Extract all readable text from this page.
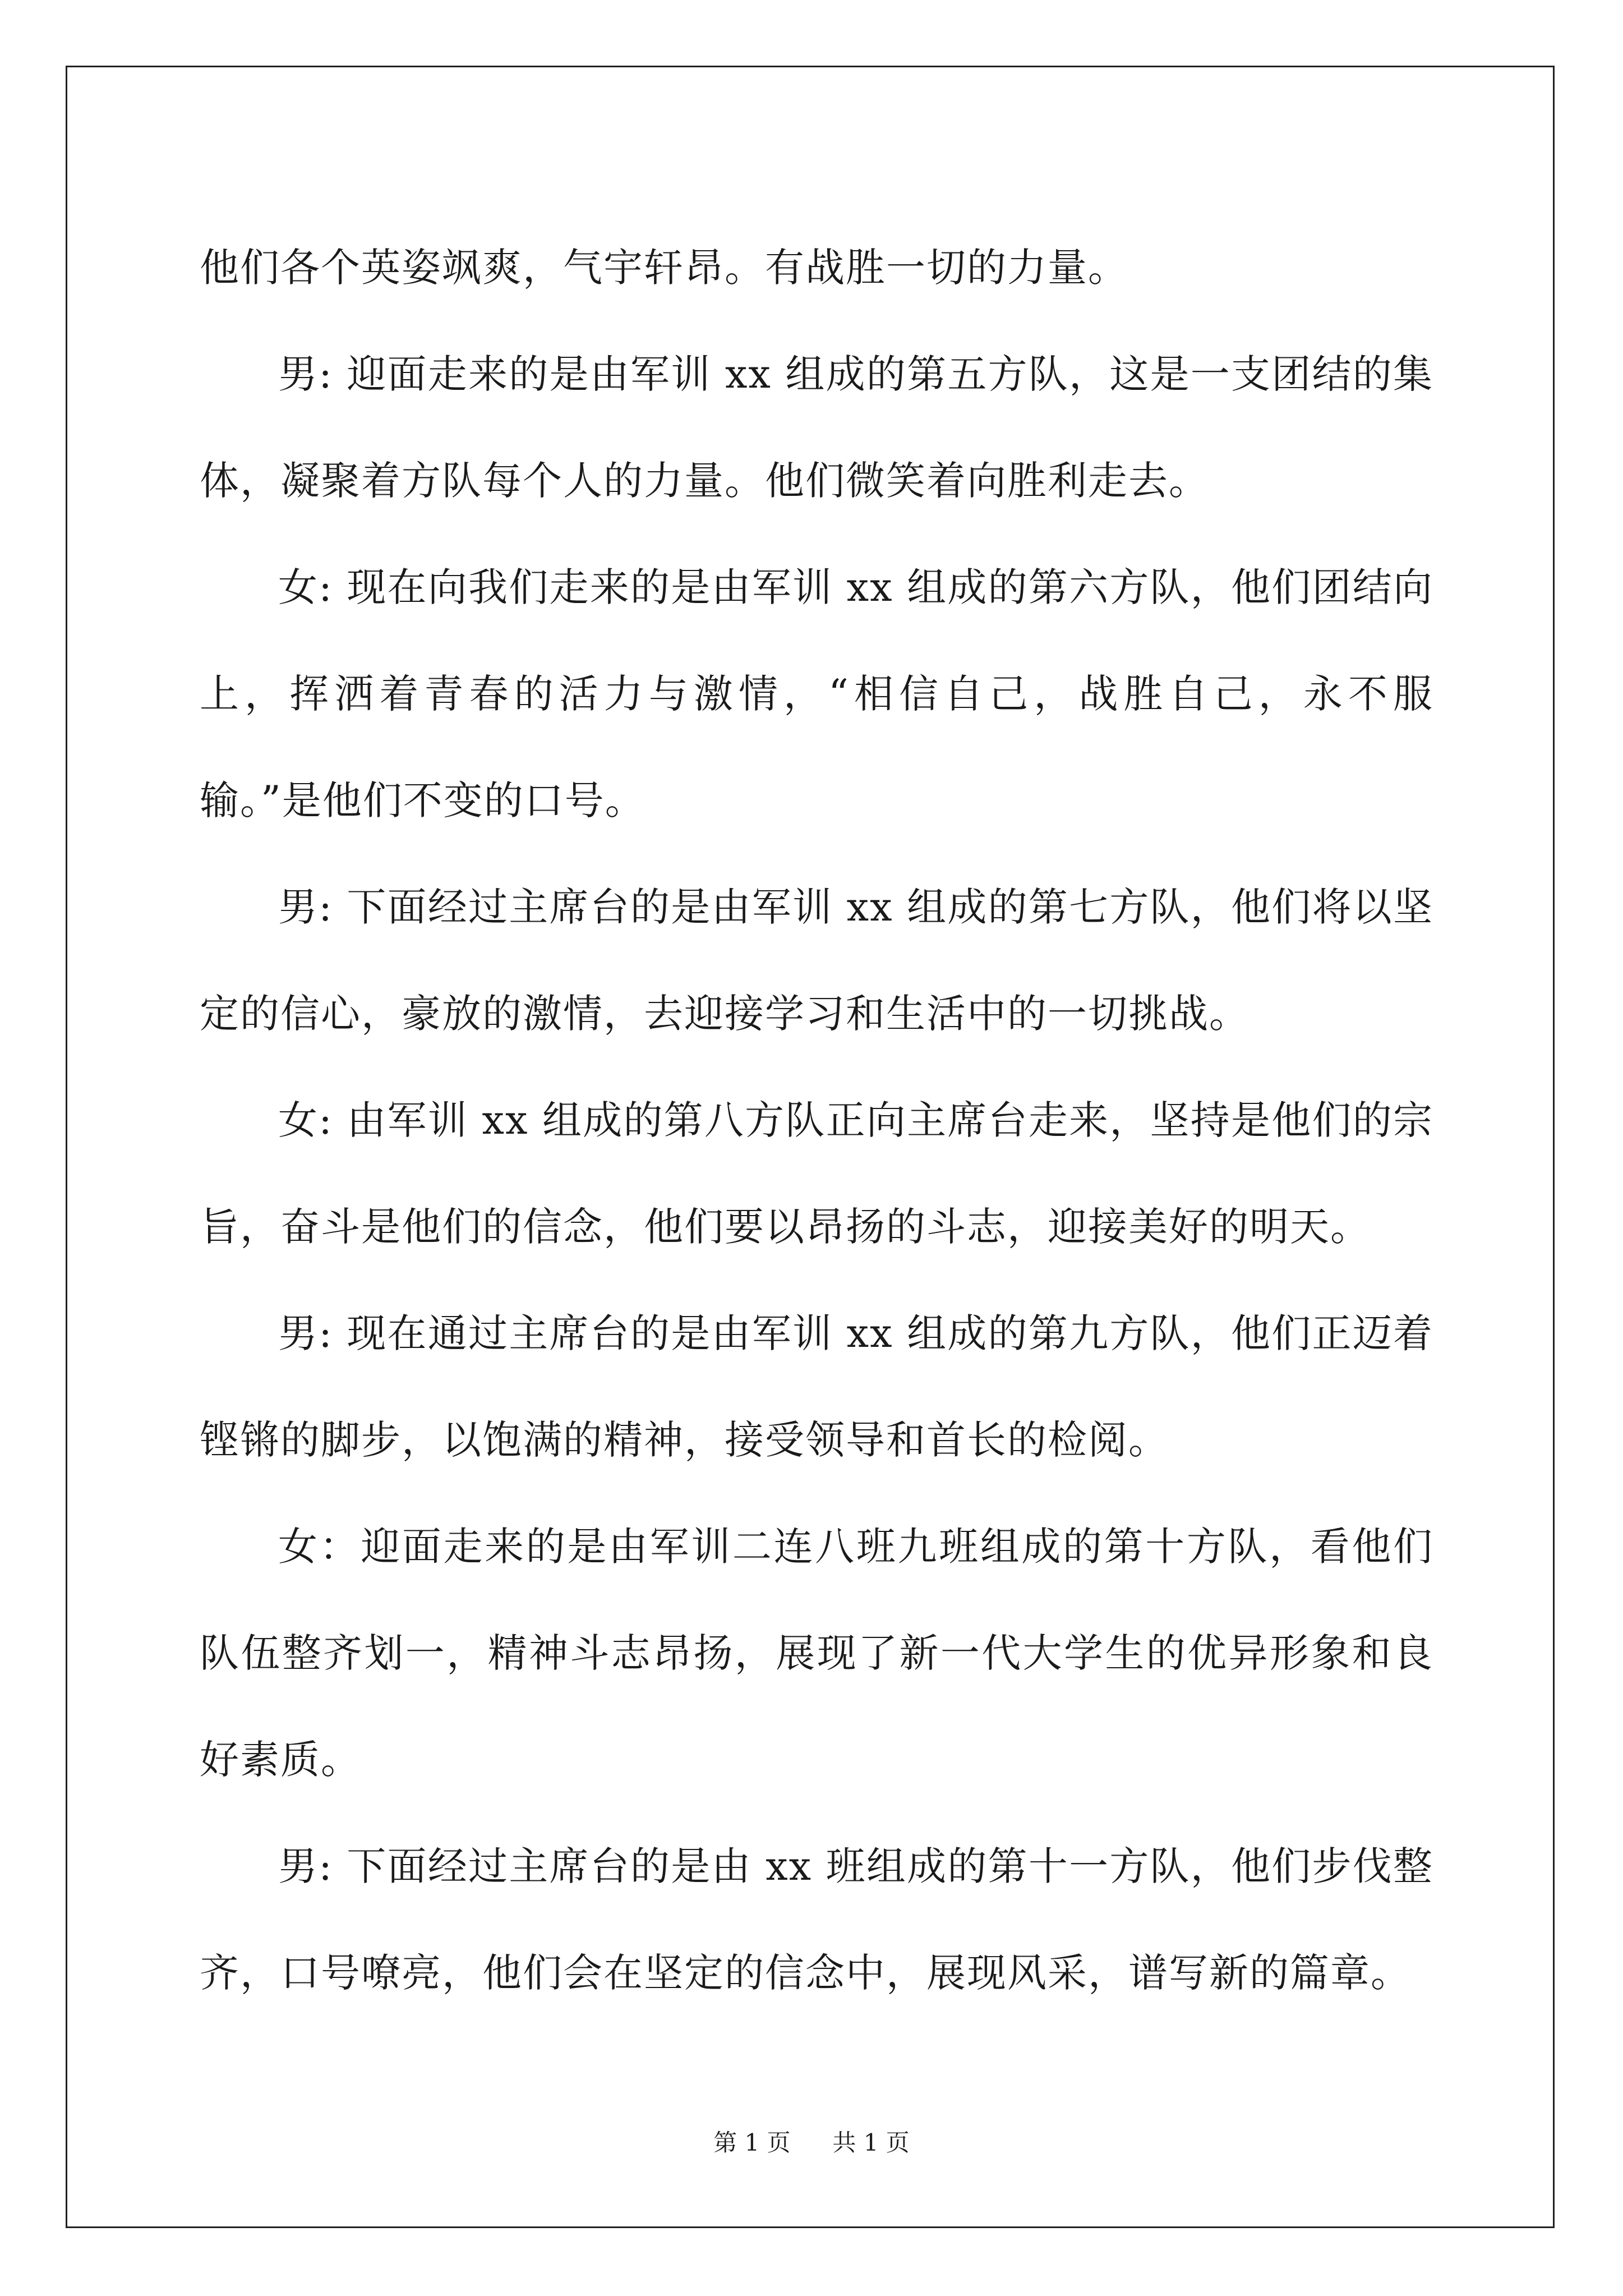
他们各个英姿飒爽，气宇轩昂。有战胜一切的力量。

男: 迎面走来的是由军训 xx 组成的第五方队，这是一支团结的集体，凝聚着方队每个人的力量。他们微笑着向胜利走去。

女: 现在向我们走来的是由军训 xx 组成的第六方队，他们团结向上，挥洒着青春的活力与激情，“相信自己，战胜自己，永不服输。”是他们不变的口号。

男: 下面经过主席台的是由军训 xx 组成的第七方队，他们将以坚定的信心，豪放的激情，去迎接学习和生活中的一切挑战。

女: 由军训 xx 组成的第八方队正向主席台走来，坚持是他们的宗旨，奋斗是他们的信念，他们要以昂扬的斗志，迎接美好的明天。

男: 现在通过主席台的是由军训 xx 组成的第九方队，他们正迈着铿锵的脚步，以饱满的精神，接受领导和首长的检阅。

女：迎面走来的是由军训二连八班九班组成的第十方队，看他们队伍整齐划一，精神斗志昂扬，展现了新一代大学生的优异形象和良好素质。

男: 下面经过主席台的是由 xx 班组成的第十一方队，他们步伐整齐，口号嘹亮，他们会在坚定的信念中，展现风采，谱写新的篇章。

第 1 页 共 1 页
